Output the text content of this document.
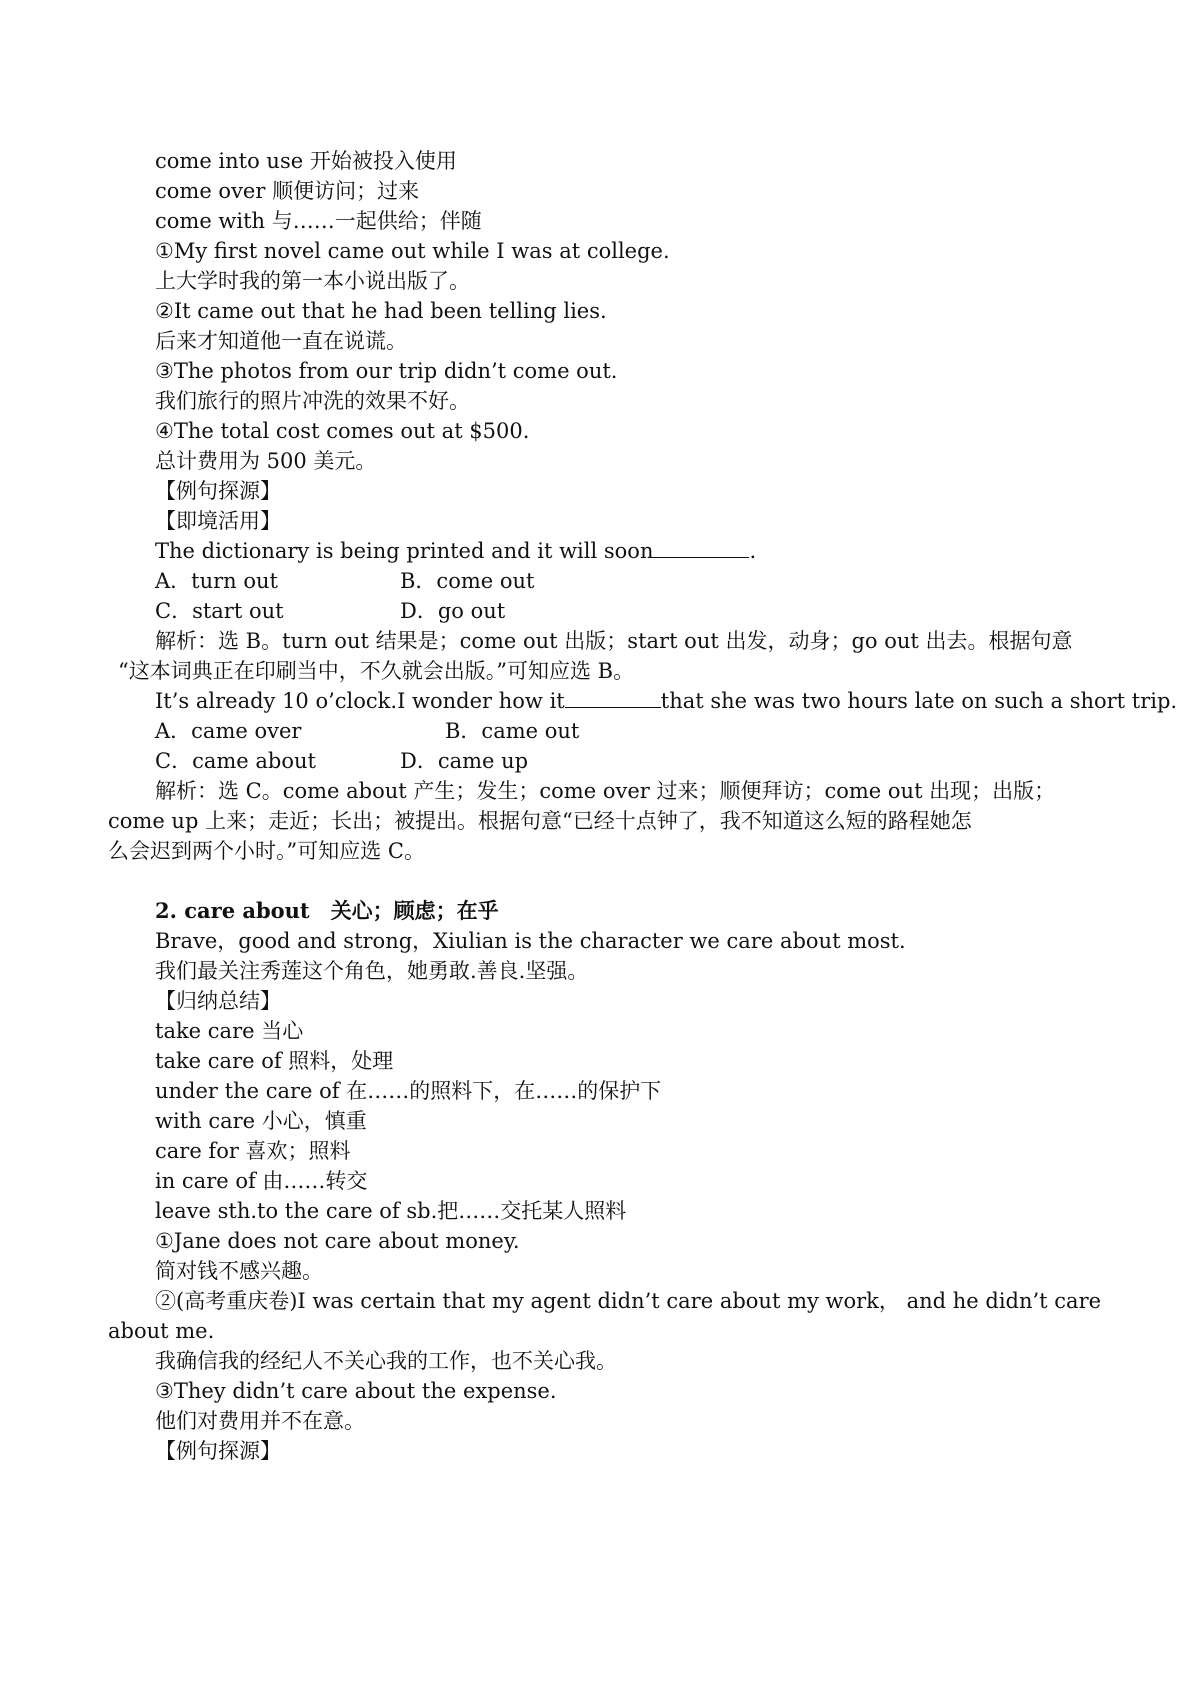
come into use 开始被投入使用
come over 顺便访问；过来
come with 与……一起供给；伴随
①My first novel came out while I was at college.
上大学时我的第一本小说出版了。
②It came out that he had been telling lies.
后来才知道他一直在说谎。
③The photos from our trip didn’t come out.
我们旅行的照片冲洗的效果不好。
④The total cost comes out at $500.
总计费用为 500 美元。
【例句探源】
【即境活用】
The dictionary is being printed and it will soon	.
A．turn out	B．come out
C．start out	D．go out
解析：选 B。turn out 结果是；come out 出版；start out 出发，动身；go out 出去。根据句意
“这本词典正在印刷当中，不久就会出版。”可知应选 B。
It’s already 10 o’clock.I wonder how it	that she was two hours late on such a short trip.
A．came over	B．came out
C．came about	D．came up
解析：选 C。come about 产生；发生；come over 过来；顺便拜访；come out 出现；出版；
come up 上来；走近；长出；被提出。根据句意“已经十点钟了，我不知道这么短的路程她怎
么会迟到两个小时。”可知应选 C。
2. care about　关心；顾虑；在乎
Brave，good and strong，Xiulian is the character we care about most.
我们最关注秀莲这个角色，她勇敢.善良.坚强。
【归纳总结】
take care 当心
take care of 照料，处理
under the care of 在……的照料下，在……的保护下
with care 小心，慎重
care for 喜欢；照料
in care of 由……转交
leave sth.to the care of sb.把……交托某人照料
①Jane does not care about money.
简对钱不感兴趣。
②(高考重庆卷)I was certain that my agent didn’t care about my work， and he didn’t care
about me.
我确信我的经纪人不关心我的工作，也不关心我。
③They didn’t care about the expense.
他们对费用并不在意。
【例句探源】
